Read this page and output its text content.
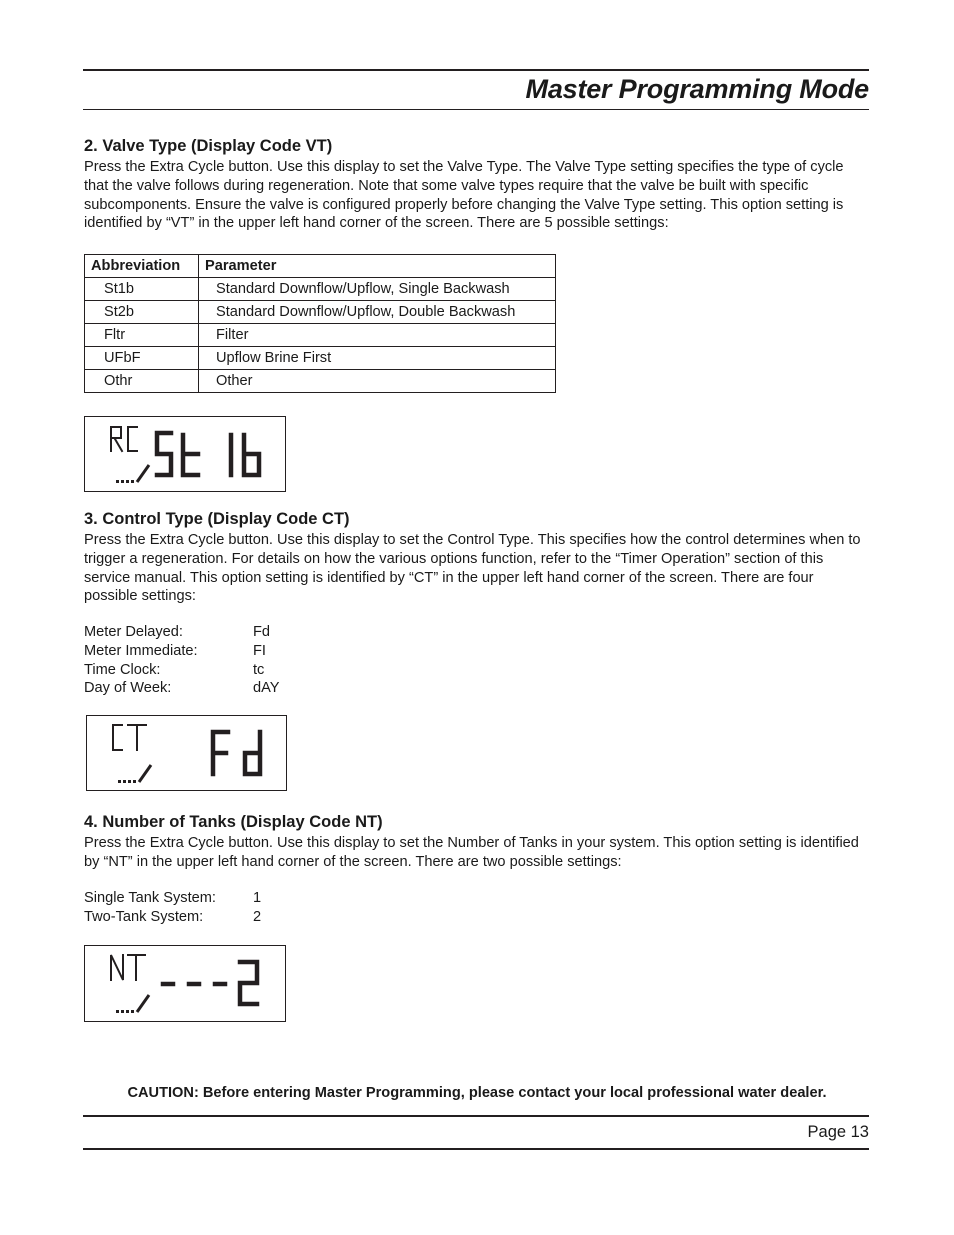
Master Programming Mode
2. Valve Type (Display Code VT)

Press the Extra Cycle button. Use this display to set the Valve Type. The Valve Type setting specifies the type of cycle that the valve follows during regeneration. Note that some valve types require that the valve be built with specific subcomponents. Ensure the valve is configured properly before changing the Valve Type setting. This option setting is identified by “VT” in the upper left hand corner of the screen. There are 5 possible settings:

Abbreviation	Parameter
St1b	Standard Downflow/Upflow, Single Backwash
St2b	Standard Downflow/Upflow, Double Backwash
Fltr	Filter
UFbF	Upflow Brine First
Othr	Other
3. Control Type (Display Code CT)

Press the Extra Cycle button. Use this display to set the Control Type. This specifies how the control determines when to trigger a regeneration. For details on how the various options function, refer to the “Timer Operation” section of this service manual. This option setting is identified by “CT” in the upper left hand corner of the screen. There are four possible settings:

Meter Delayed:	Fd
Meter Immediate:	FI
Time Clock:	tc
Day of Week:	dAY
4. Number of Tanks (Display Code NT)

Press the Extra Cycle button. Use this display to set the Number of Tanks in your system. This option setting is identified by “NT” in the upper left hand corner of the screen. There are two possible settings:

Single Tank System:	1
Two-Tank System:	2
CAUTION: Before entering Master Programming, please contact your local professional water dealer.
Page 13
